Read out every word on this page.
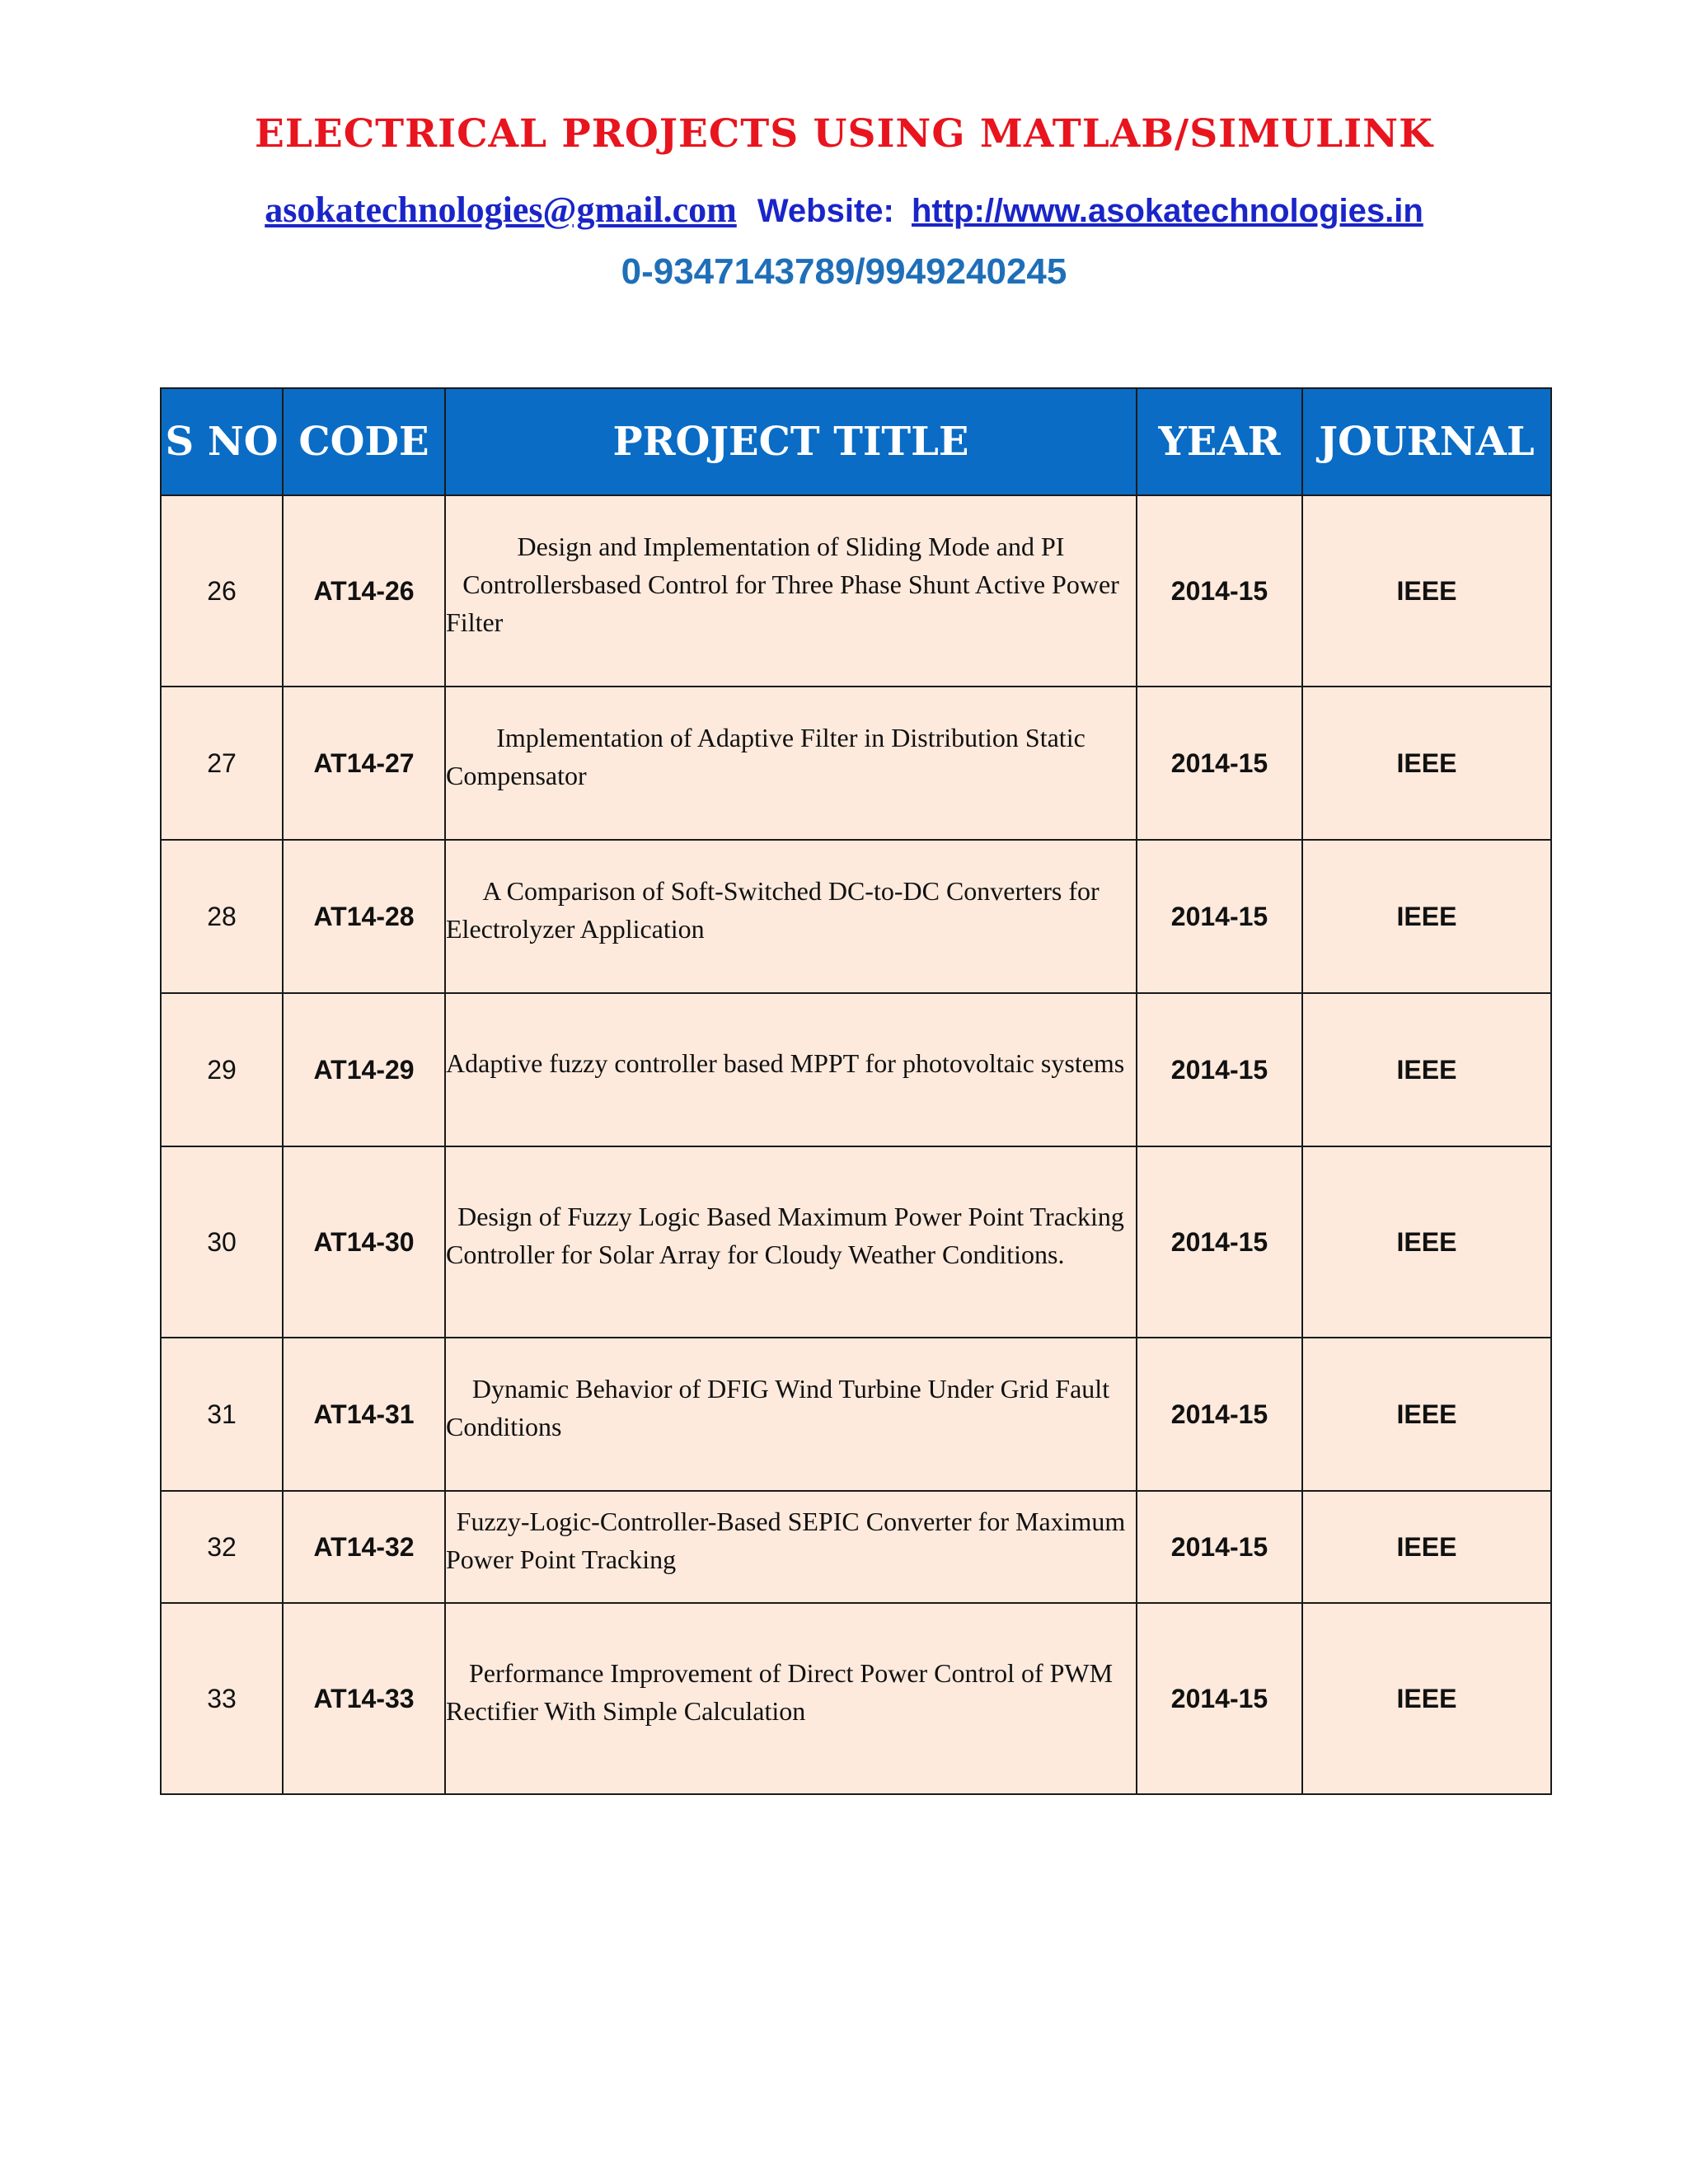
ELECTRICAL PROJECTS USING MATLAB/SIMULINK
asokatechnologies@gmail.com Website: http://www.asokatechnologies.in
0-9347143789/9949240245
S NO	CODE	PROJECT TITLE	YEAR	JOURNAL
26	AT14-26	Design and Implementation of Sliding Mode and PI Controllersbased Control for Three Phase Shunt Active Power Filter	2014-15	IEEE
27	AT14-27	Implementation of Adaptive Filter in Distribution Static Compensator	2014-15	IEEE
28	AT14-28	A Comparison of Soft-Switched DC-to-DC Converters for Electrolyzer Application	2014-15	IEEE
29	AT14-29	Adaptive fuzzy controller based MPPT for photovoltaic systems	2014-15	IEEE
30	AT14-30	Design of Fuzzy Logic Based Maximum Power Point Tracking Controller for Solar Array for Cloudy Weather Conditions.	2014-15	IEEE
31	AT14-31	Dynamic Behavior of DFIG Wind Turbine Under Grid Fault Conditions	2014-15	IEEE
32	AT14-32	Fuzzy-Logic-Controller-Based SEPIC Converter for Maximum Power Point Tracking	2014-15	IEEE
33	AT14-33	Performance Improvement of Direct Power Control of PWM Rectifier With Simple Calculation	2014-15	IEEE
